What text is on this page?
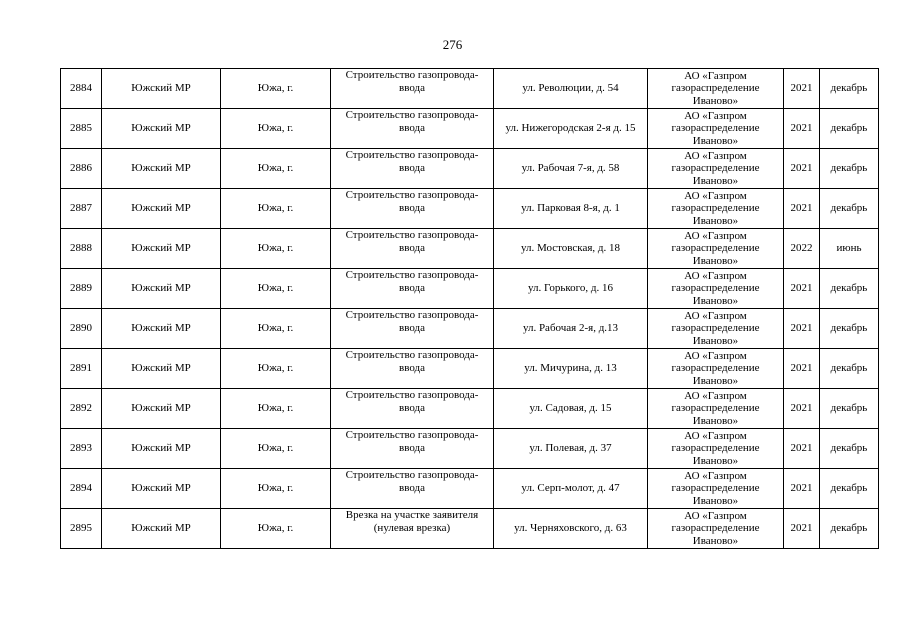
276
2884	Южский МР	Южа, г.	Строительство газопровода-ввода	ул. Революции, д. 54	АО «Газпром
газораспределение
Иваново»	2021	декабрь
2885	Южский МР	Южа, г.	Строительство газопровода-ввода	ул. Нижегородская 2-я д. 15	АО «Газпром
газораспределение
Иваново»	2021	декабрь
2886	Южский МР	Южа, г.	Строительство газопровода-ввода	ул. Рабочая 7-я, д. 58	АО «Газпром
газораспределение
Иваново»	2021	декабрь
2887	Южский МР	Южа, г.	Строительство газопровода-ввода	ул. Парковая 8-я, д. 1	АО «Газпром
газораспределение
Иваново»	2021	декабрь
2888	Южский МР	Южа, г.	Строительство газопровода-ввода	ул. Мостовская, д. 18	АО «Газпром
газораспределение
Иваново»	2022	июнь
2889	Южский МР	Южа, г.	Строительство газопровода-ввода	ул. Горького, д. 16	АО «Газпром
газораспределение
Иваново»	2021	декабрь
2890	Южский МР	Южа, г.	Строительство газопровода-ввода	ул. Рабочая 2-я, д.13	АО «Газпром
газораспределение
Иваново»	2021	декабрь
2891	Южский МР	Южа, г.	Строительство газопровода-ввода	ул. Мичурина, д. 13	АО «Газпром
газораспределение
Иваново»	2021	декабрь
2892	Южский МР	Южа, г.	Строительство газопровода-ввода	ул. Садовая, д. 15	АО «Газпром
газораспределение
Иваново»	2021	декабрь
2893	Южский МР	Южа, г.	Строительство газопровода-ввода	ул. Полевая, д. 37	АО «Газпром
газораспределение
Иваново»	2021	декабрь
2894	Южский МР	Южа, г.	Строительство газопровода-ввода	ул. Серп-молот, д. 47	АО «Газпром
газораспределение
Иваново»	2021	декабрь
2895	Южский МР	Южа, г.	Врезка на участке заявителя (нулевая врезка)	ул. Черняховского, д. 63	АО «Газпром
газораспределение
Иваново»	2021	декабрь
